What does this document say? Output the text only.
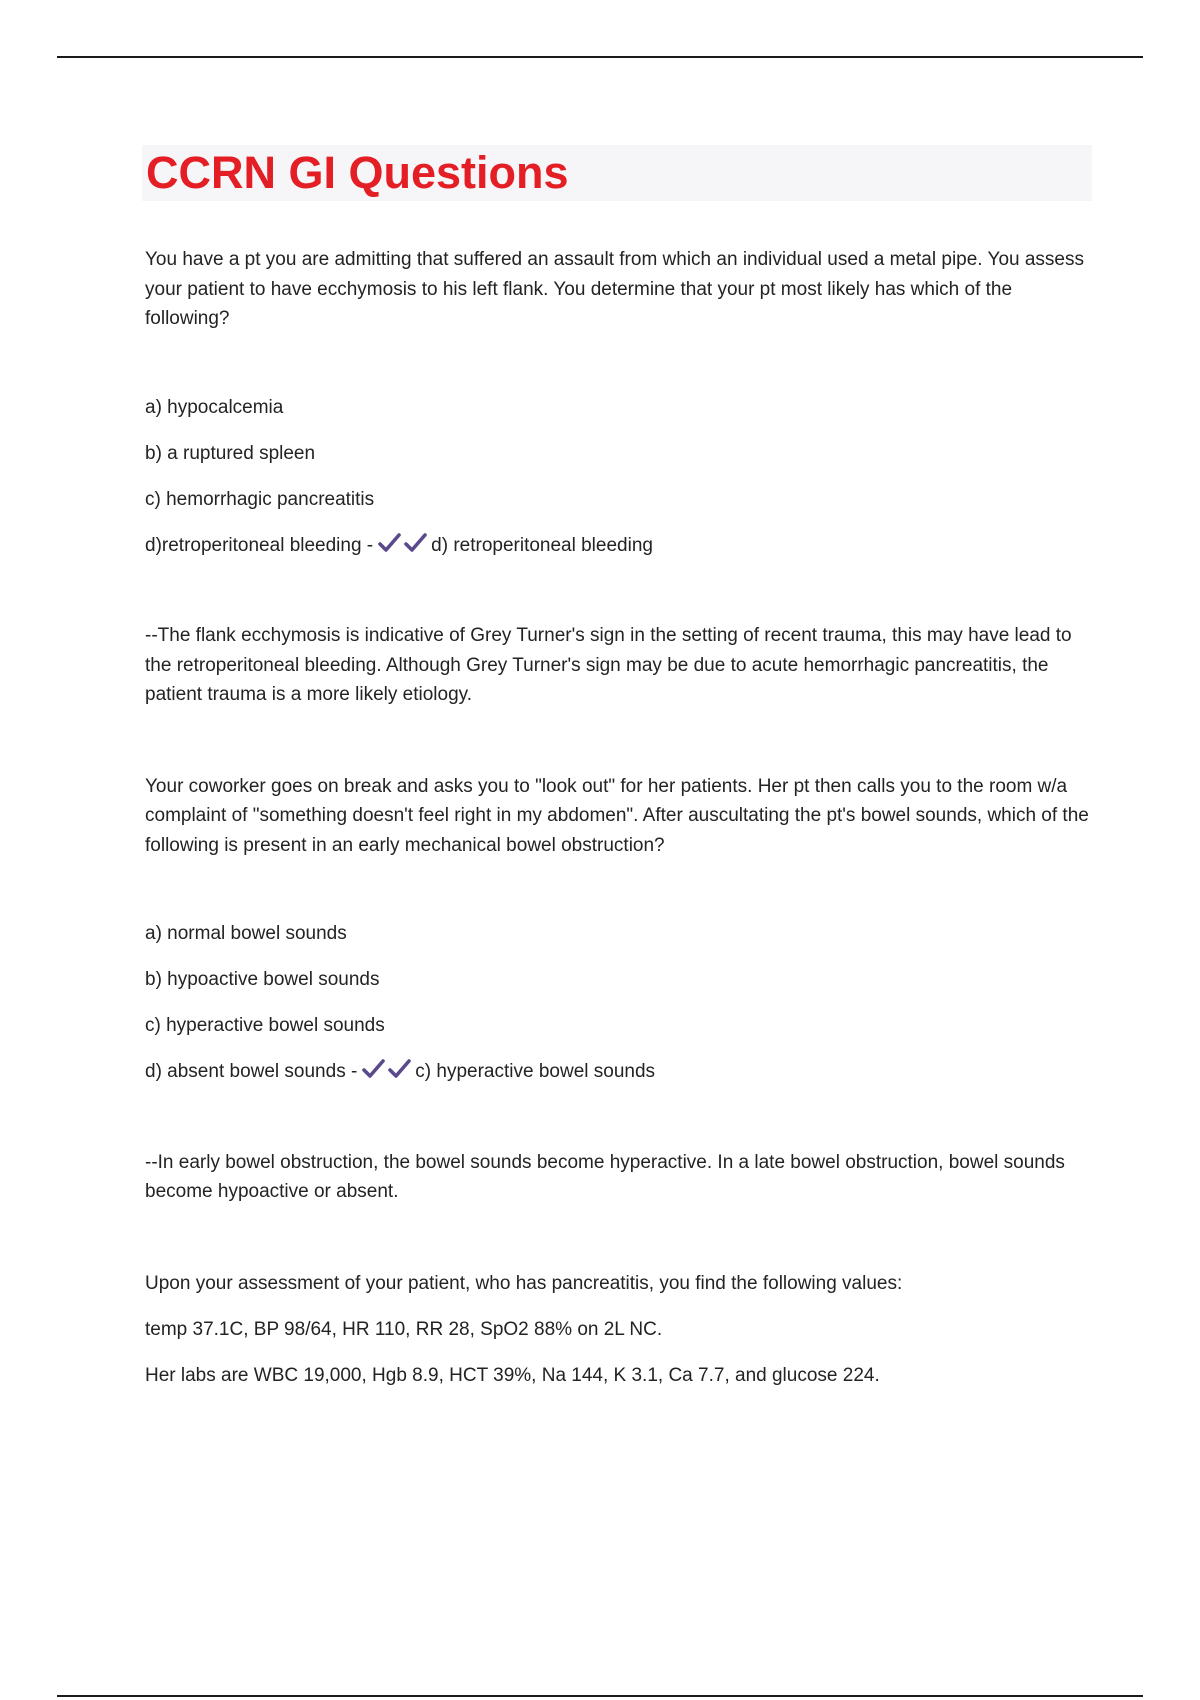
CCRN GI Questions

You have a pt you are admitting that suffered an assault from which an individual used a metal pipe. You assess your patient to have ecchymosis to his left flank. You determine that your pt most likely has which of the following?

a) hypocalcemia

b) a ruptured spleen

c) hemorrhagic pancreatitis

d)retroperitoneal bleeding -	d) retroperitoneal bleeding

--The flank ecchymosis is indicative of Grey Turner's sign in the setting of recent trauma, this may have lead to the retroperitoneal bleeding. Although Grey Turner's sign may be due to acute hemorrhagic pancreatitis, the patient trauma is a more likely etiology.

Your coworker goes on break and asks you to "look out" for her patients. Her pt then calls you to the room w/a complaint of "something doesn't feel right in my abdomen". After auscultating the pt's bowel sounds, which of the following is present in an early mechanical bowel obstruction?

a) normal bowel sounds

b) hypoactive bowel sounds

c) hyperactive bowel sounds

d) absent bowel sounds -	c) hyperactive bowel sounds

--In early bowel obstruction, the bowel sounds become hyperactive. In a late bowel obstruction, bowel sounds become hypoactive or absent.

Upon your assessment of your patient, who has pancreatitis, you find the following values:

temp 37.1C, BP 98/64, HR 110, RR 28, SpO2 88% on 2L NC.

Her labs are WBC 19,000, Hgb 8.9, HCT 39%, Na 144, K 3.1, Ca 7.7, and glucose 224.
